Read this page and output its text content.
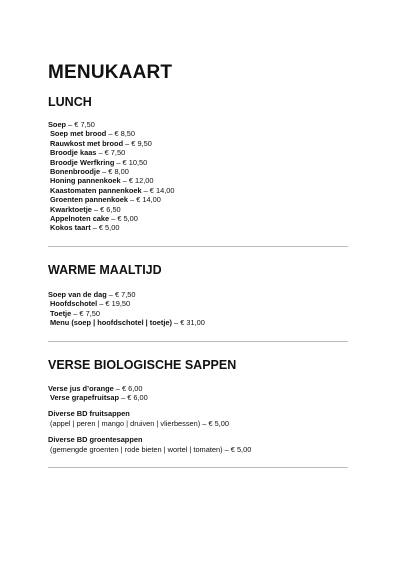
MENUKAART
LUNCH
Soep – € 7,50
Soep met brood – € 8,50
Rauwkost met brood – € 9,50
Broodje kaas – € 7,50
Broodje Werfkring – € 10,50
Bonenbroodje – € 8,00
Honing pannenkoek – € 12,00
Kaastomaten pannenkoek – € 14,00
Groenten pannenkoek – € 14,00
Kwarktoetje – € 6,50
Appelnoten cake – € 5,00
Kokos taart – € 5,00
WARME MAALTIJD
Soep van de dag – € 7,50
Hoofdschotel – € 19,50
Toetje – € 7,50
Menu (soep | hoofdschotel | toetje) – € 31,00
VERSE BIOLOGISCHE SAPPEN
Verse jus d’orange – € 6,00
Verse grapefruitsap – € 6,00
Diverse BD fruitsappen
(appel | peren | mango | druiven | vlierbessen) – € 5,00
Diverse BD groentesappen
(gemengde groenten | rode bieten | wortel | tomaten) – € 5,00
